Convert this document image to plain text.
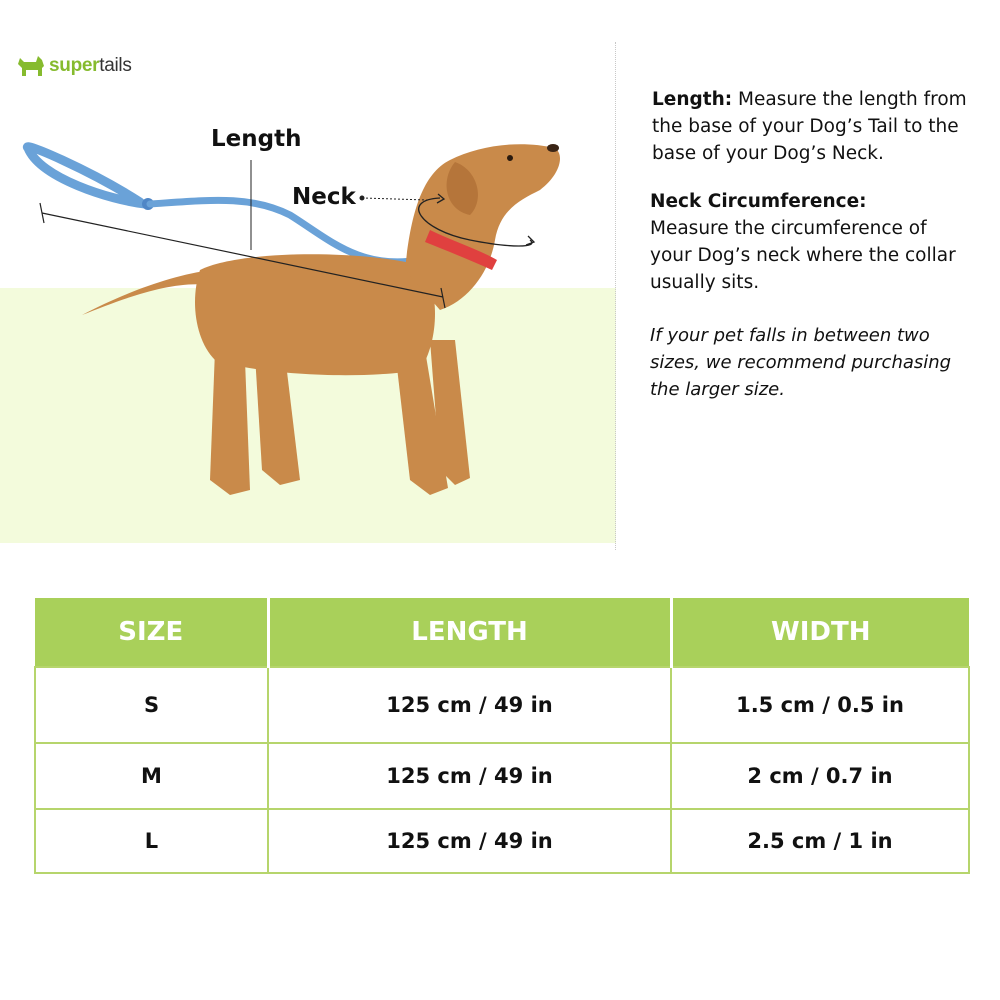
supertails
Length
Neck

Length: Measure the length from the base of your Dog’s Tail to the base of your Dog’s Neck.

Neck Circumference:
Measure the circumference of your Dog’s neck where the collar usually sits.

If your pet falls in between two sizes, we recommend purchasing the larger size.

SIZE	LENGTH	WIDTH
S	125 cm / 49 in	1.5 cm / 0.5 in
M	125 cm / 49 in	2 cm / 0.7 in
L	125 cm / 49 in	2.5 cm / 1 in
